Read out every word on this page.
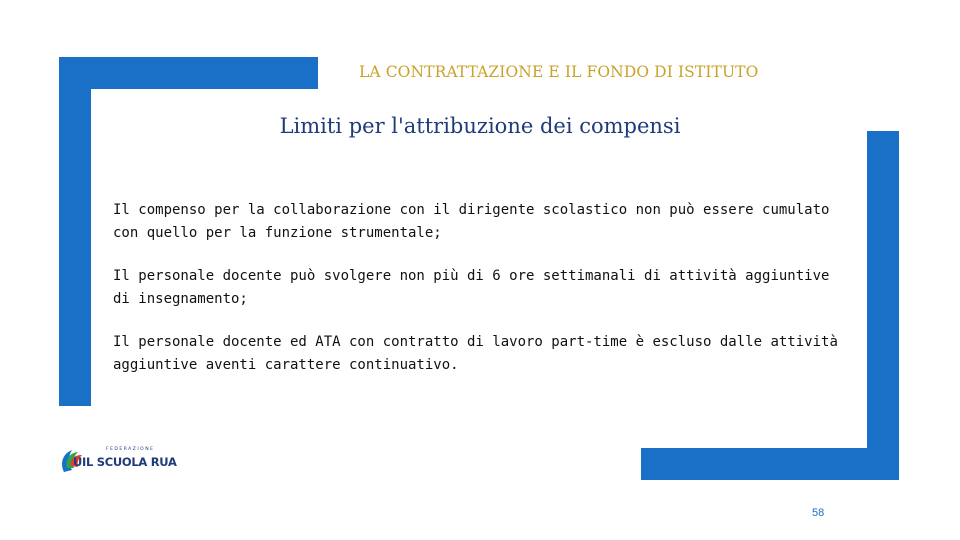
LA CONTRATTAZIONE E IL FONDO DI ISTITUTO
Limiti per l'attribuzione dei compensi

Il compenso per la collaborazione con il dirigente scolastico non può essere cumulato con quello per la funzione strumentale;

Il personale docente può svolgere non più di 6 ore settimanali di attività aggiuntive di insegnamento;

Il personale docente ed ATA con contratto di lavoro part-time è escluso dalle attività aggiuntive aventi carattere continuativo.

FEDERAZIONE
UIL SCUOLA RUA
58
